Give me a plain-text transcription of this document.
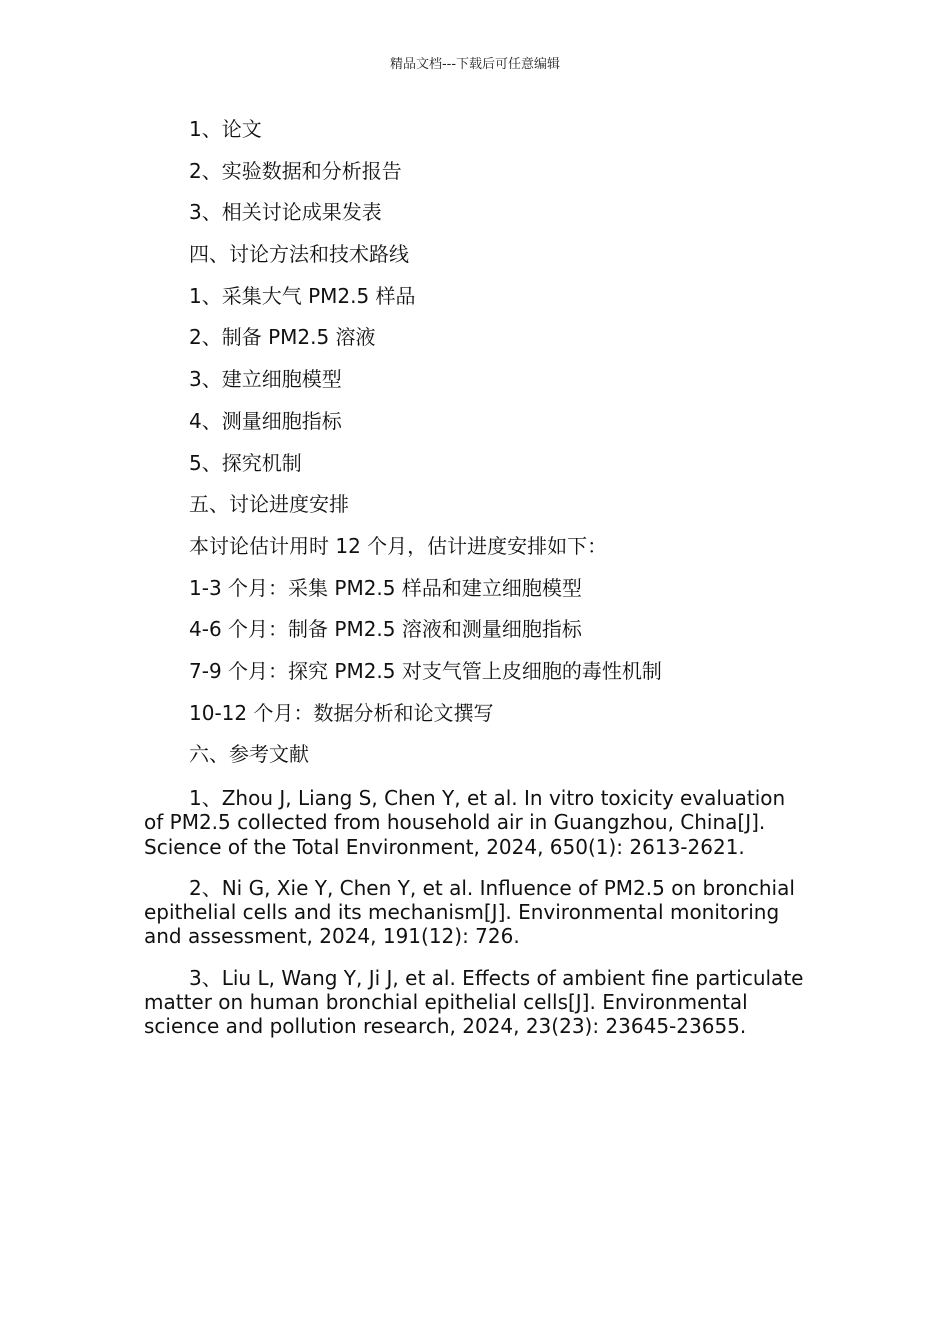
精品文档---下载后可任意编辑
1、论文
2、实验数据和分析报告
3、相关讨论成果发表
四、讨论方法和技术路线
1、采集大气 PM2.5 样品
2、制备 PM2.5 溶液
3、建立细胞模型
4、测量细胞指标
5、探究机制
五、讨论进度安排
本讨论估计用时 12 个月，估计进度安排如下：
1-3 个月：采集 PM2.5 样品和建立细胞模型
4-6 个月：制备 PM2.5 溶液和测量细胞指标
7-9 个月：探究 PM2.5 对支气管上皮细胞的毒性机制
10-12 个月：数据分析和论文撰写
六、参考文献

1、Zhou J, Liang S, Chen Y, et al. In vitro toxicity evaluation of PM2.5 collected from household air in Guangzhou, China[J]. Science of the Total Environment, 2024, 650(1): 2613-2621.

2、Ni G, Xie Y, Chen Y, et al. Influence of PM2.5 on bronchial epithelial cells and its mechanism[J]. Environmental monitoring and assessment, 2024, 191(12): 726.

3、Liu L, Wang Y, Ji J, et al. Effects of ambient fine particulate matter on human bronchial epithelial cells[J]. Environmental science and pollution research, 2024, 23(23): 23645-23655.
